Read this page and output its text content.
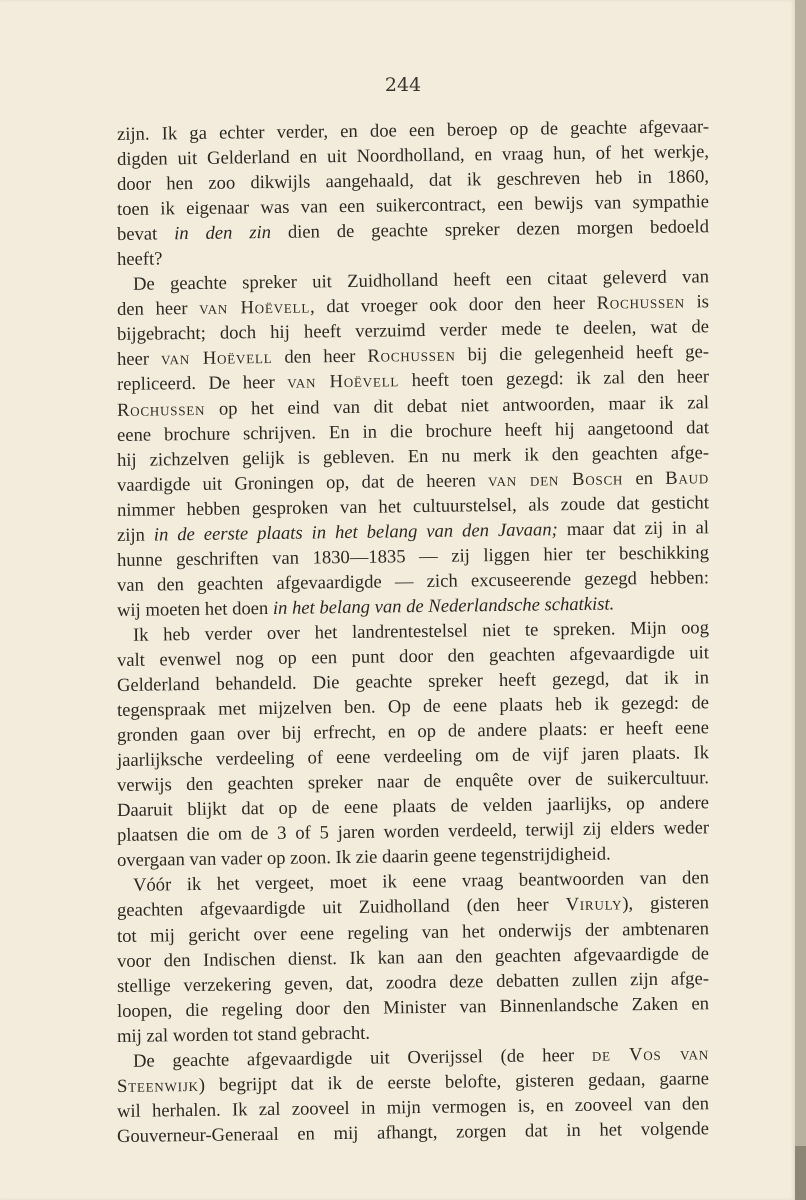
244
zijn. Ik ga echter verder, en doe een beroep op de geachte afgevaar-
digden uit Gelderland en uit Noordholland, en vraag hun, of het werkje,
door hen zoo dikwijls aangehaald, dat ik geschreven heb in 1860,
toen ik eigenaar was van een suikercontract, een bewijs van sympathie
bevat in den zin dien de geachte spreker dezen morgen bedoeld
heeft?
De geachte spreker uit Zuidholland heeft een citaat geleverd van
den heer van Hoëvell, dat vroeger ook door den heer Rochussen is
bijgebracht; doch hij heeft verzuimd verder mede te deelen, wat de
heer van Hoëvell den heer Rochussen bij die gelegenheid heeft ge-
repliceerd. De heer van Hoëvell heeft toen gezegd: ik zal den heer
Rochussen op het eind van dit debat niet antwoorden, maar ik zal
eene brochure schrijven. En in die brochure heeft hij aangetoond dat
hij zichzelven gelijk is gebleven. En nu merk ik den geachten afge-
vaardigde uit Groningen op, dat de heeren van den Bosch en Baud
nimmer hebben gesproken van het cultuurstelsel, als zoude dat gesticht
zijn in de eerste plaats in het belang van den Javaan; maar dat zij in al
hunne geschriften van 1830—1835 — zij liggen hier ter beschikking
van den geachten afgevaardigde — zich excuseerende gezegd hebben:
wij moeten het doen in het belang van de Nederlandsche schatkist.
Ik heb verder over het landrentestelsel niet te spreken. Mijn oog
valt evenwel nog op een punt door den geachten afgevaardigde uit
Gelderland behandeld. Die geachte spreker heeft gezegd, dat ik in
tegenspraak met mijzelven ben. Op de eene plaats heb ik gezegd: de
gronden gaan over bij erfrecht, en op de andere plaats: er heeft eene
jaarlijksche verdeeling of eene verdeeling om de vijf jaren plaats. Ik
verwijs den geachten spreker naar de enquête over de suikercultuur.
Daaruit blijkt dat op de eene plaats de velden jaarlijks, op andere
plaatsen die om de 3 of 5 jaren worden verdeeld, terwijl zij elders weder
overgaan van vader op zoon. Ik zie daarin geene tegenstrijdigheid.
Vóór ik het vergeet, moet ik eene vraag beantwoorden van den
geachten afgevaardigde uit Zuidholland (den heer Viruly), gisteren
tot mij gericht over eene regeling van het onderwijs der ambtenaren
voor den Indischen dienst. Ik kan aan den geachten afgevaardigde de
stellige verzekering geven, dat, zoodra deze debatten zullen zijn afge-
loopen, die regeling door den Minister van Binnenlandsche Zaken en
mij zal worden tot stand gebracht.
De geachte afgevaardigde uit Overijssel (de heer de Vos van
Steenwijk) begrijpt dat ik de eerste belofte, gisteren gedaan, gaarne
wil herhalen. Ik zal zooveel in mijn vermogen is, en zooveel van den
Gouverneur-Generaal en mij afhangt, zorgen dat in het volgende
